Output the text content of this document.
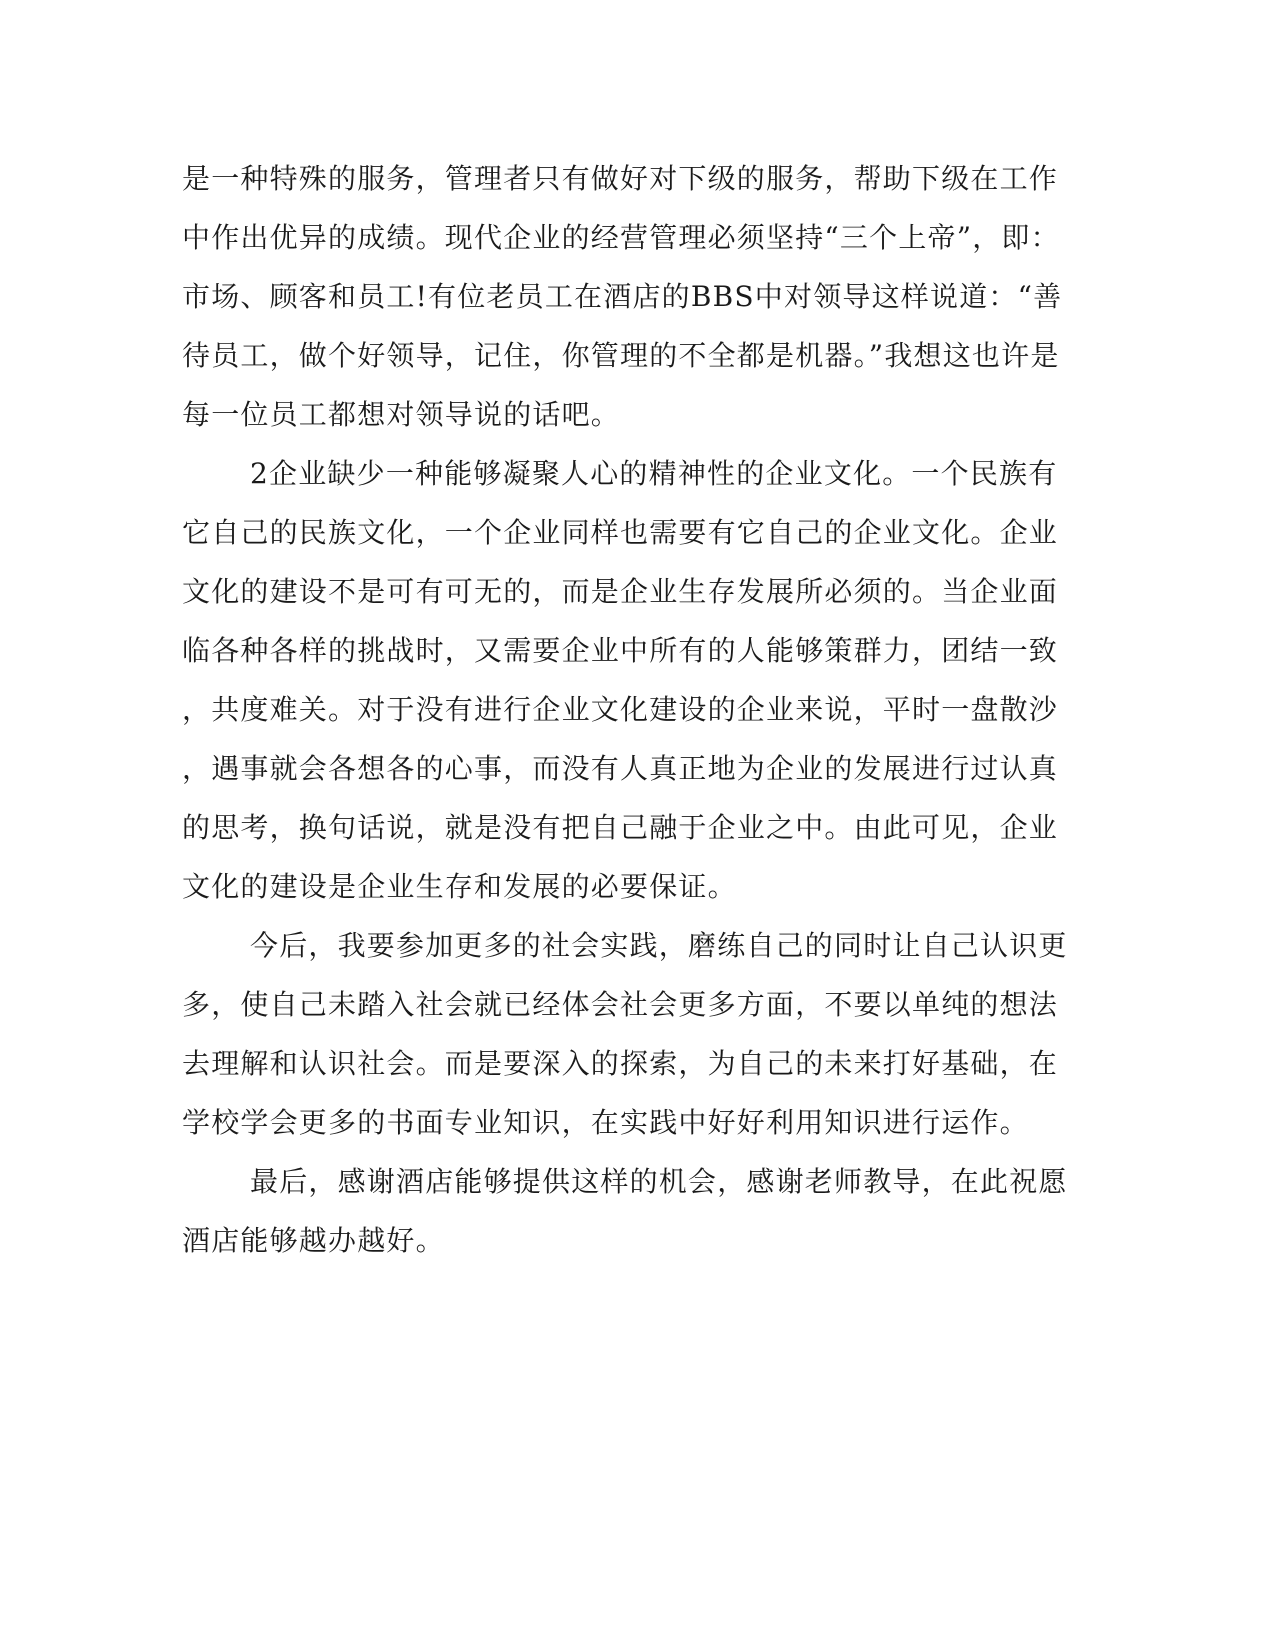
是一种特殊的服务，管理者只有做好对下级的服务，帮助下级在工作
中作出优异的成绩。现代企业的经营管理必须坚持“三个上帝”，即：
市场、顾客和员工!有位老员工在酒店的BBS中对领导这样说道：“善
待员工，做个好领导，记住，你管理的不全都是机器。”我想这也许是
每一位员工都想对领导说的话吧。
2企业缺少一种能够凝聚人心的精神性的企业文化。一个民族有
它自己的民族文化，一个企业同样也需要有它自己的企业文化。企业
文化的建设不是可有可无的，而是企业生存发展所必须的。当企业面
临各种各样的挑战时，又需要企业中所有的人能够策群力，团结一致
，共度难关。对于没有进行企业文化建设的企业来说，平时一盘散沙
，遇事就会各想各的心事，而没有人真正地为企业的发展进行过认真
的思考，换句话说，就是没有把自己融于企业之中。由此可见，企业
文化的建设是企业生存和发展的必要保证。
今后，我要参加更多的社会实践，磨练自己的同时让自己认识更
多，使自己未踏入社会就已经体会社会更多方面，不要以单纯的想法
去理解和认识社会。而是要深入的探索，为自己的未来打好基础，在
学校学会更多的书面专业知识，在实践中好好利用知识进行运作。
最后，感谢酒店能够提供这样的机会，感谢老师教导，在此祝愿
酒店能够越办越好。
